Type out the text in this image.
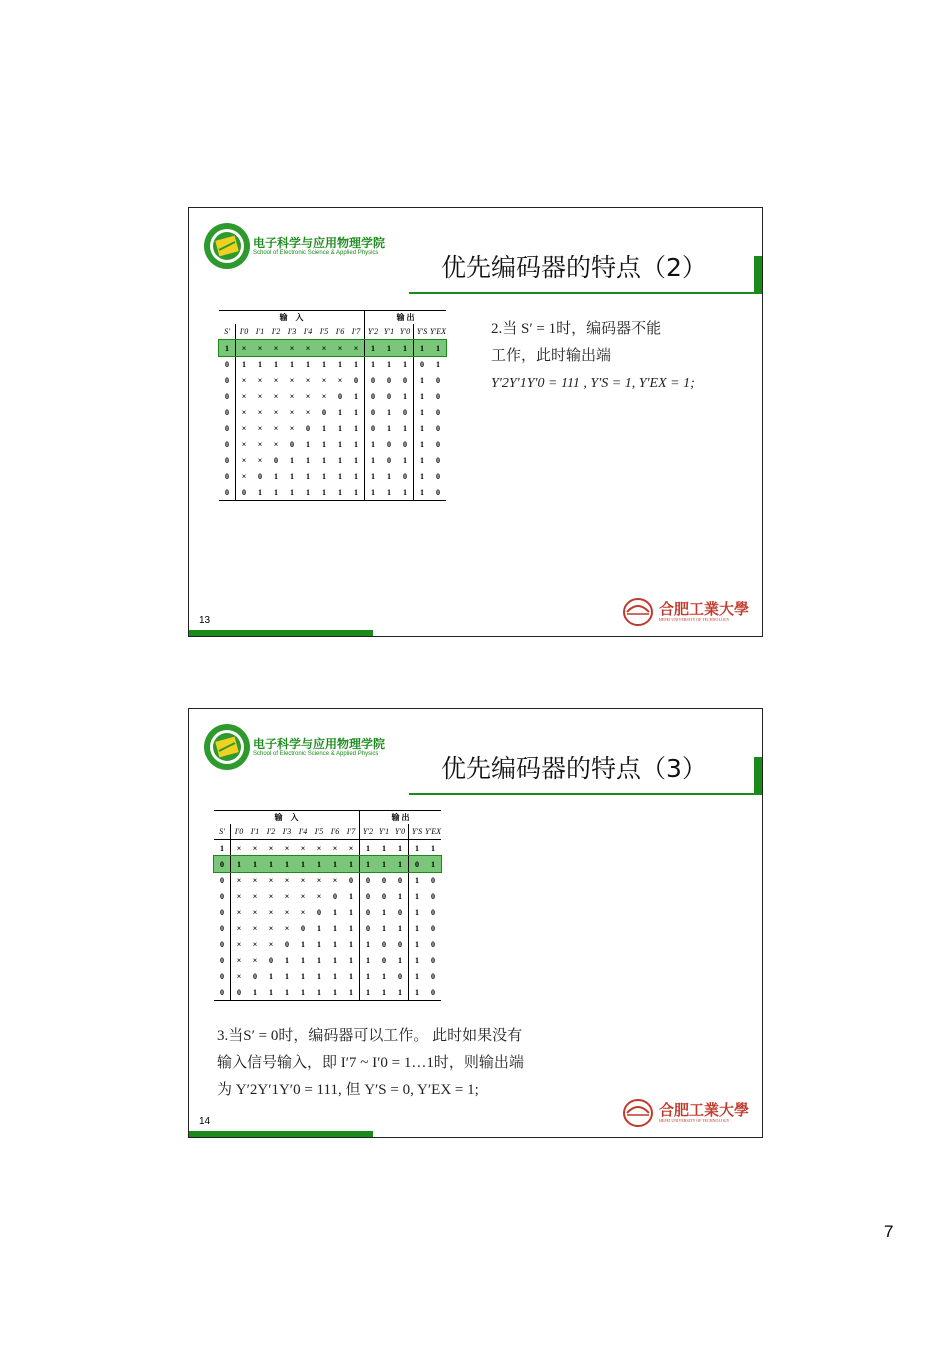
电子科学与应用物理学院
School of Electronic Science & Applied Physics	优先编码器的特点（2）
输　入									输 出				
S′	I′0	I′1	I′2	I′3	I′4	I′5	I′6	I′7	Y′2	Y′1	Y′0	Y′S	Y′EX
1	×	×	×	×	×	×	×	×	1	1	1	1	1
0	1	1	1	1	1	1	1	1	1	1	1	0	1
0	×	×	×	×	×	×	×	0	0	0	0	1	0
0	×	×	×	×	×	×	0	1	0	0	1	1	0
0	×	×	×	×	×	0	1	1	0	1	0	1	0
0	×	×	×	×	0	1	1	1	0	1	1	1	0
0	×	×	×	0	1	1	1	1	1	0	0	1	0
0	×	×	0	1	1	1	1	1	1	0	1	1	0
0	×	0	1	1	1	1	1	1	1	1	0	1	0
0	0	1	1	1	1	1	1	1	1	1	1	1	0
2.当 S′ = 1时，编码器不能
工作，此时输出端
Y′2Y′1Y′0 = 111 , Y′S = 1, Y′EX = 1;
13
合肥工業大學
HEFEI UNIVERSITY OF TECHNOLOGY
电子科学与应用物理学院
School of Electronic Science & Applied Physics	优先编码器的特点（3）
输　入									输 出				
S′	I′0	I′1	I′2	I′3	I′4	I′5	I′6	I′7	Y′2	Y′1	Y′0	Y′S	Y′EX
1	×	×	×	×	×	×	×	×	1	1	1	1	1
0	1	1	1	1	1	1	1	1	1	1	1	0	1
0	×	×	×	×	×	×	×	0	0	0	0	1	0
0	×	×	×	×	×	×	0	1	0	0	1	1	0
0	×	×	×	×	×	0	1	1	0	1	0	1	0
0	×	×	×	×	0	1	1	1	0	1	1	1	0
0	×	×	×	0	1	1	1	1	1	0	0	1	0
0	×	×	0	1	1	1	1	1	1	0	1	1	0
0	×	0	1	1	1	1	1	1	1	1	0	1	0
0	0	1	1	1	1	1	1	1	1	1	1	1	0
3.当S′ = 0时，编码器可以工作。 此时如果没有
输入信号输入，即 I′7 ~ I′0 = 1…1时，则输出端
为 Y′2Y′1Y′0 = 111, 但 Y′S = 0, Y′EX = 1;
14
合肥工業大學
HEFEI UNIVERSITY OF TECHNOLOGY
7
